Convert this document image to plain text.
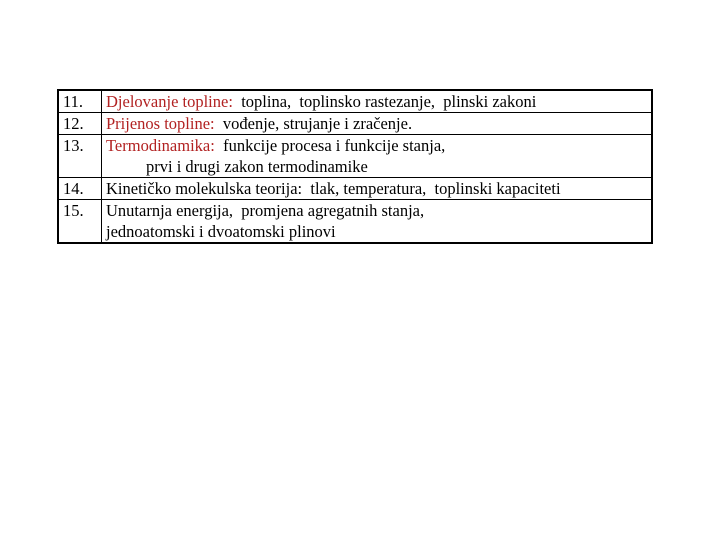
11.	Djelovanje topline:  toplina,  toplinsko rastezanje,  plinski zakoni
12.	Prijenos topline:  vođenje, strujanje i zračenje.
13.	Termodinamika:  funkcije procesa i funkcije stanja,
prvi i drugi zakon termodinamike
14.	Kinetičko molekulska teorija:  tlak, temperatura,  toplinski kapaciteti
15.	Unutarnja energija,  promjena agregatnih stanja,
jednoatomski i dvoatomski plinovi
